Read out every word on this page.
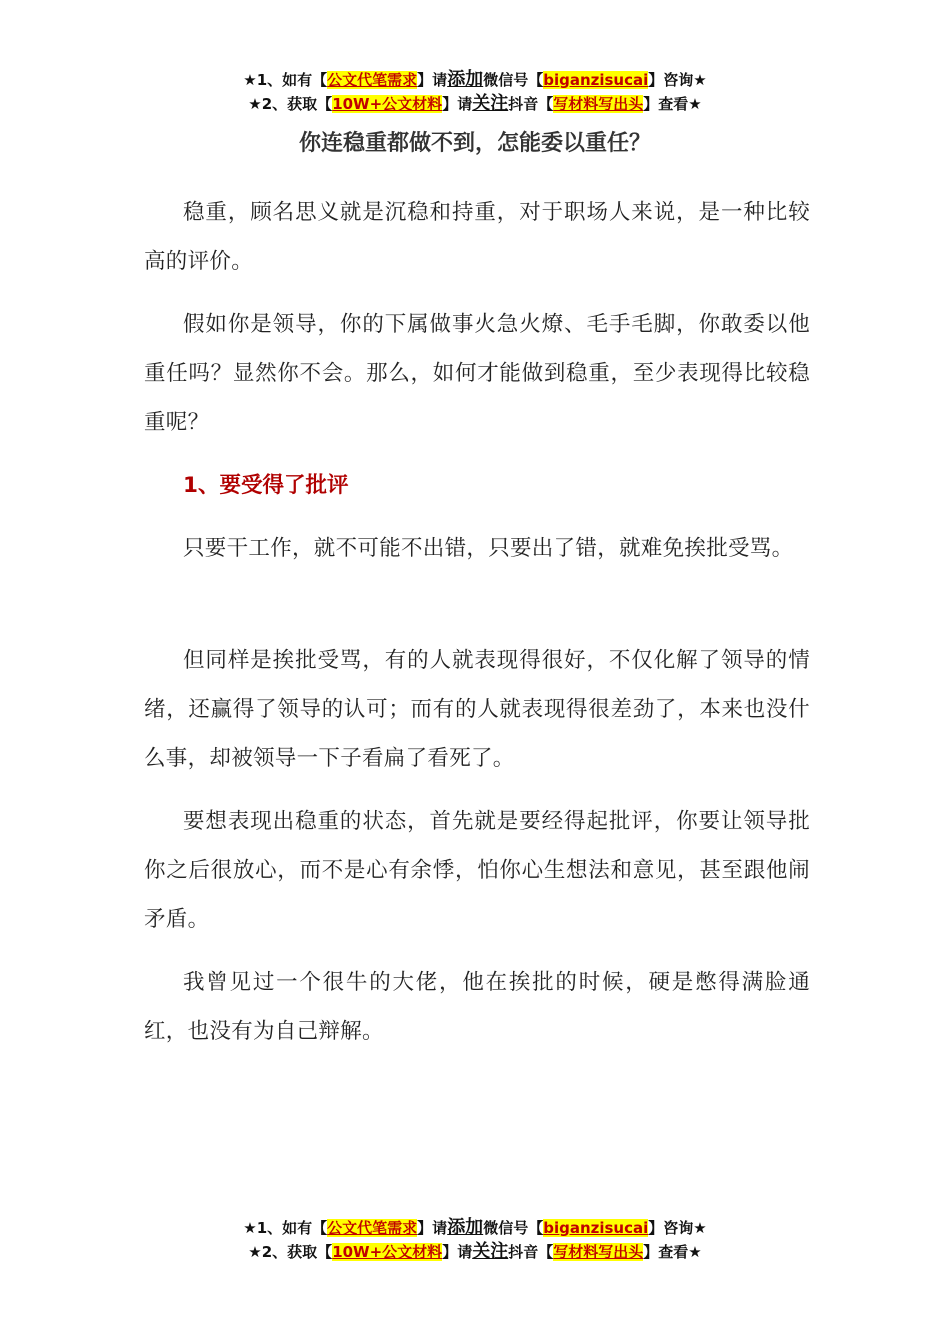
★1、如有【公文代笔需求】请添加微信号【biganzisucai】咨询★
★2、获取【10W+公文材料】请关注抖音【写材料写出头】查看★
你连稳重都做不到，怎能委以重任？

稳重，顾名思义就是沉稳和持重，对于职场人来说，是一种比较高的评价。

假如你是领导，你的下属做事火急火燎、毛手毛脚，你敢委以他重任吗？显然你不会。那么，如何才能做到稳重，至少表现得比较稳重呢？

1、要受得了批评

只要干工作，就不可能不出错，只要出了错，就难免挨批受骂。

但同样是挨批受骂，有的人就表现得很好，不仅化解了领导的情绪，还赢得了领导的认可；而有的人就表现得很差劲了，本来也没什么事，却被领导一下子看扁了看死了。

要想表现出稳重的状态，首先就是要经得起批评，你要让领导批你之后很放心，而不是心有余悸，怕你心生想法和意见，甚至跟他闹矛盾。

我曾见过一个很牛的大佬，他在挨批的时候，硬是憋得满脸通红，也没有为自己辩解。

★1、如有【公文代笔需求】请添加微信号【biganzisucai】咨询★
★2、获取【10W+公文材料】请关注抖音【写材料写出头】查看★
